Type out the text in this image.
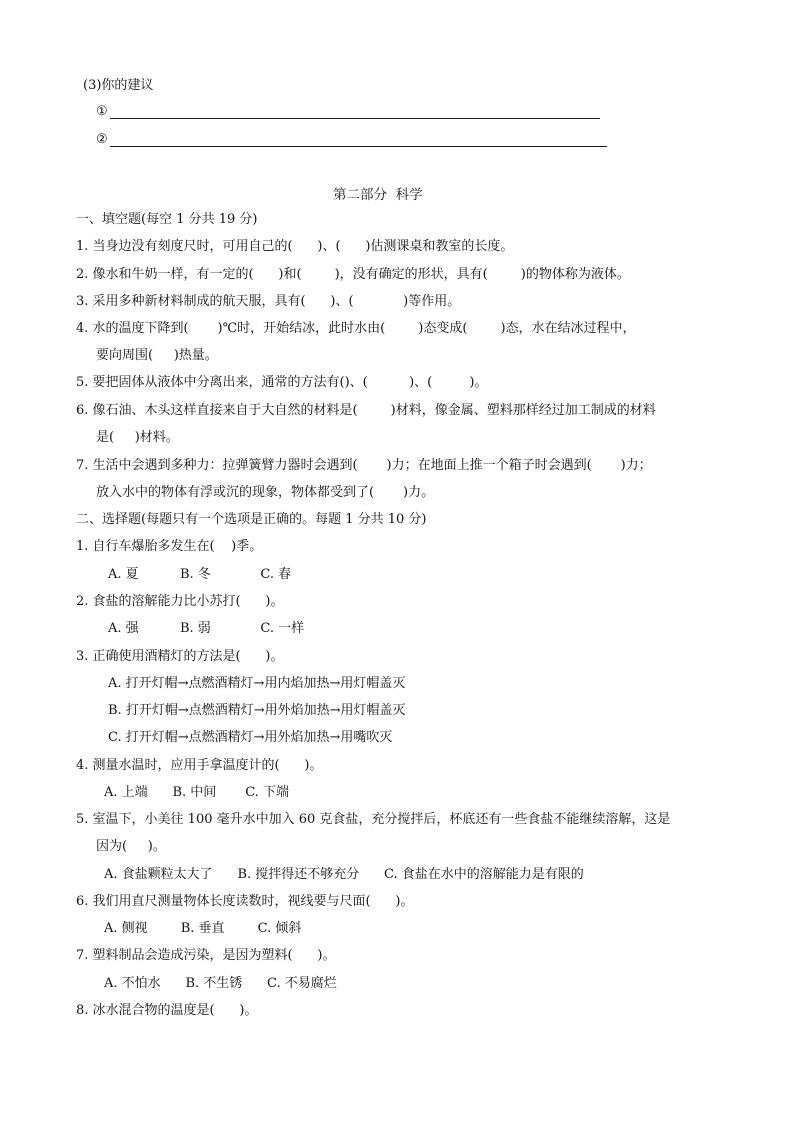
(3)你的建议
①
②
第二部分  科学
一、填空题(每空 1 分共 19 分)
1. 当身边没有刻度尺时，可用自己的(      )、(      )估测课桌和教室的长度。
2. 像水和牛奶一样，有一定的(      )和(        )，没有确定的形状，具有(        )的物体称为液体。
3. 采用多种新材料制成的航天服，具有(      )、(            )等作用。
4. 水的温度下降到(       )℃时，开始结冰，此时水由(        )态变成(        )态，水在结冰过程中，
要向周围(     )热量。
5. 要把固体从液体中分离出来，通常的方法有()、(          )、(         )。
6. 像石油、木头这样直接来自于大自然的材料是(        )材料，像金属、塑料那样经过加工制成的材料
是(     )材料。
7. 生活中会遇到多种力：拉弹簧臂力器时会遇到(       )力；在地面上推一个箱子时会遇到(       )力；
放入水中的物体有浮或沉的现象，物体都受到了(       )力。
二、选择题(每题只有一个选项是正确的。每题 1 分共 10 分)
1. 自行车爆胎多发生在(    )季。
A. 夏          B. 冬            C. 春
2. 食盐的溶解能力比小苏打(      )。
A. 强          B. 弱            C. 一样
3. 正确使用酒精灯的方法是(      )。
A. 打开灯帽→点燃酒精灯→用内焰加热→用灯帽盖灭
B. 打开灯帽→点燃酒精灯→用外焰加热→用灯帽盖灭
C. 打开灯帽→点燃酒精灯→用外焰加热→用嘴吹灭
4. 测量水温时，应用手拿温度计的(      )。
A. 上端      B. 中间       C. 下端
5. 室温下，小美往 100 毫升水中加入 60 克食盐，充分搅拌后，杯底还有一些食盐不能继续溶解，这是
因为(     )。
A. 食盐颗粒太大了      B. 搅拌得还不够充分      C. 食盐在水中的溶解能力是有限的
6. 我们用直尺测量物体长度读数时，视线要与尺面(      )。
A. 侧视        B. 垂直        C. 倾斜
7. 塑料制品会造成污染，是因为塑料(      )。
A. 不怕水      B. 不生锈      C. 不易腐烂
8. 冰水混合物的温度是(      )。
